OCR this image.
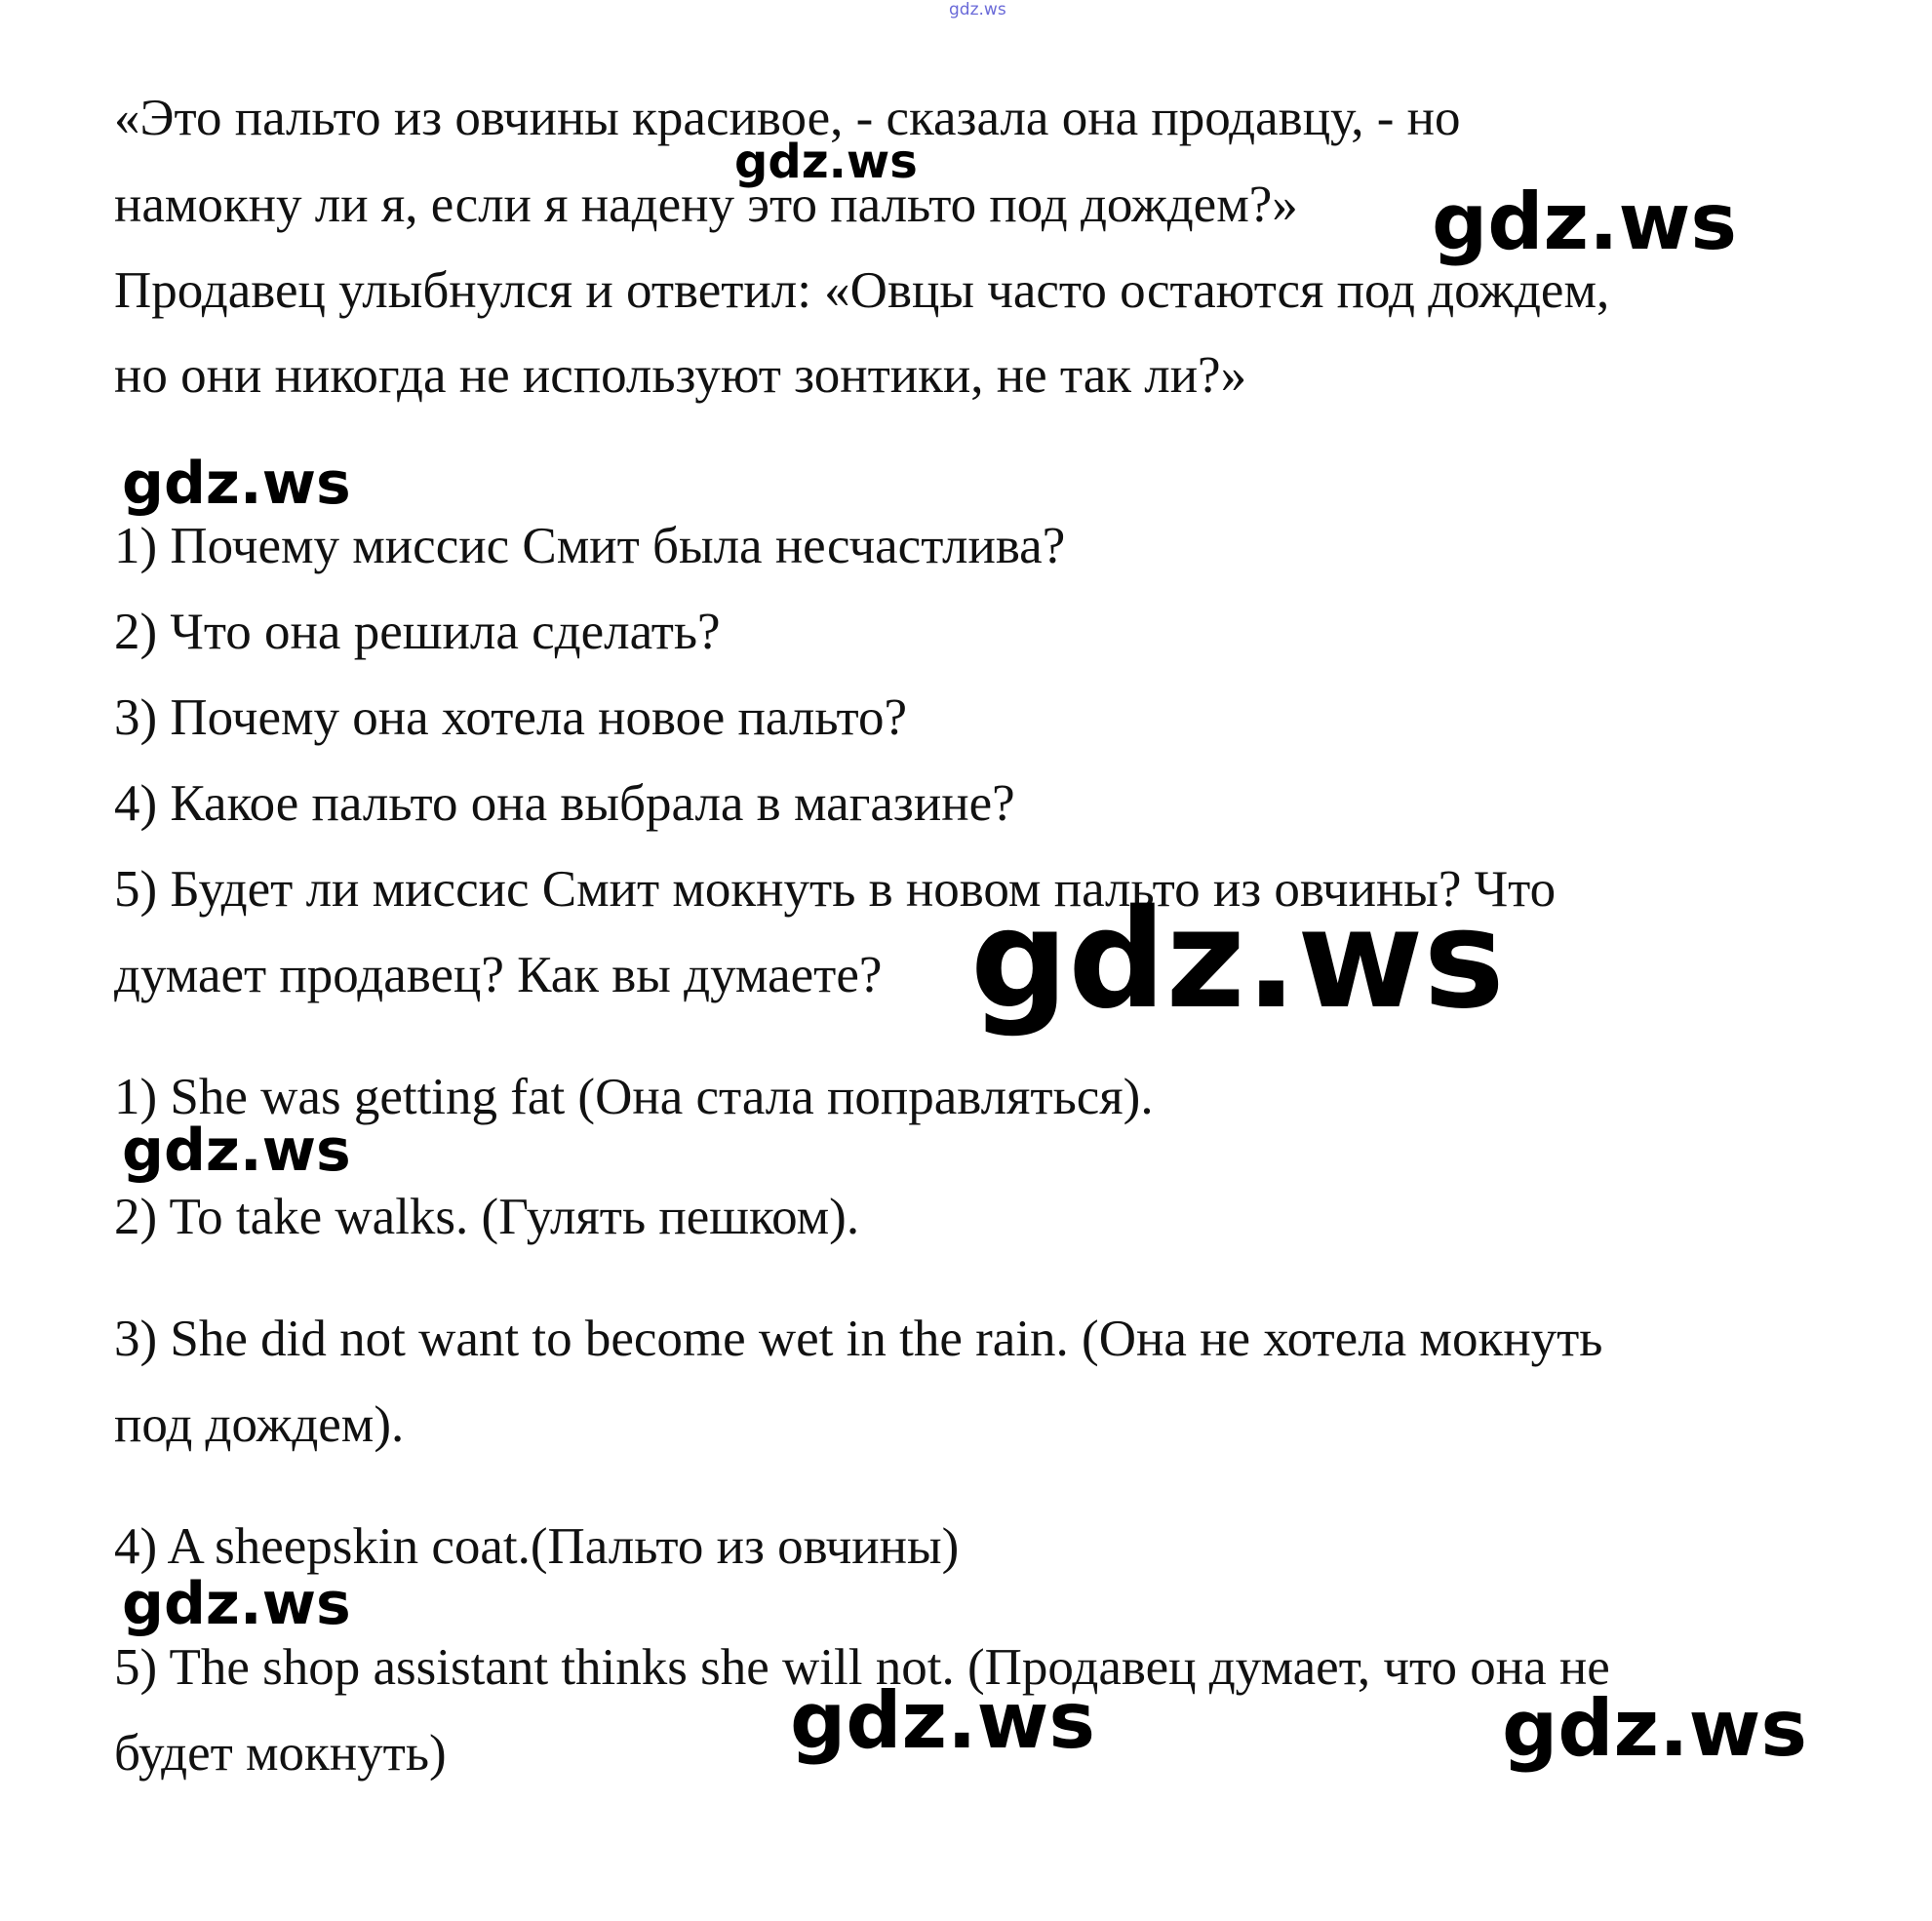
gdz.ws
«Это пальто из овчины красивое, - сказала она продавцу, - но
намокну ли я, если я надену это пальто под дождем?»
Продавец улыбнулся и ответил: «Овцы часто остаются под дождем,
но они никогда не используют зонтики, не так ли?»
1) Почему миссис Смит была несчастлива?
2) Что она решила сделать?
3) Почему она хотела новое пальто?
4) Какое пальто она выбрала в магазине?
5) Будет ли миссис Смит мокнуть в новом пальто из овчины? Что
думает продавец? Как вы думаете?
1) She was getting fat (Она стала поправляться).
2) To take walks. (Гулять пешком).
3) She did not want to become wet in the rain. (Она не хотела мокнуть
под дождем).
4) A sheepskin coat.(Пальто из овчины)
5) The shop assistant thinks she will not. (Продавец думает, что она не
будет мокнуть)
gdz.ws
gdz.ws
gdz.ws
gdz.ws
gdz.ws
gdz.ws
gdz.ws	gdz.ws
